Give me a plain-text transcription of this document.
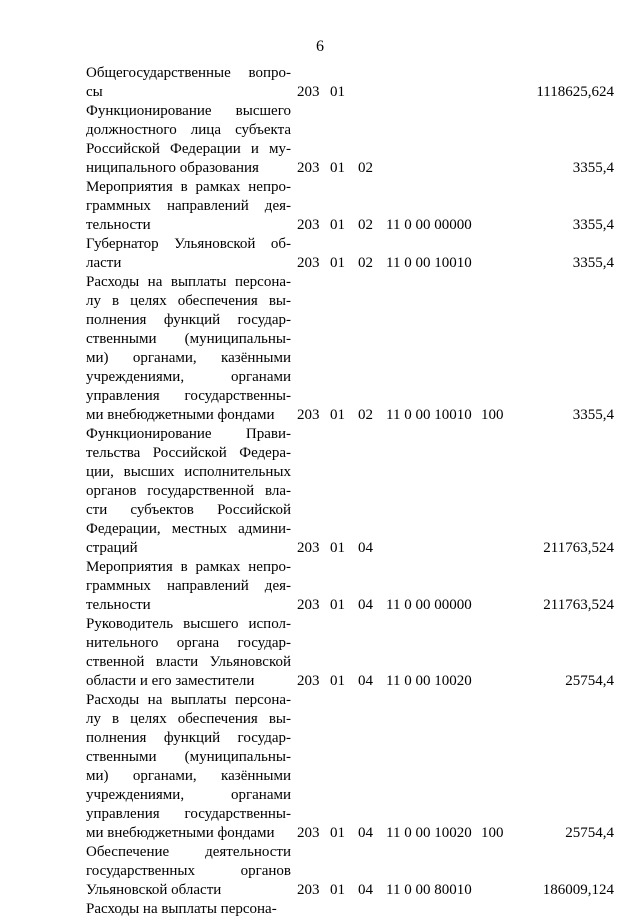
6
Общегосударственные вопро-
сы	203 01	1118625,624
Функционирование высшего
должностного лица субъекта
Российской Федерации и му-
ниципального образования	203 01 02	3355,4
Мероприятия в рамках непро-
граммных направлений дея-
тельности	203 01 02 11 0 00 00000	3355,4
Губернатор Ульяновской об-
ласти	203 01 02 11 0 00 10010	3355,4
Расходы на выплаты персона-
лу в целях обеспечения вы-
полнения функций государ-
ственными (муниципальны-
ми) органами, казёнными
учреждениями, органами
управления государственны-
ми внебюджетными фондами	203 01 02 11 0 00 10010 100	3355,4
Функционирование Прави-
тельства Российской Федера-
ции, высших исполнительных
органов государственной вла-
сти субъектов Российской
Федерации, местных админи-
страций	203 01 04	211763,524
Мероприятия в рамках непро-
граммных направлений дея-
тельности	203 01 04 11 0 00 00000	211763,524
Руководитель высшего испол-
нительного органа государ-
ственной власти Ульяновской
области и его заместители	203 01 04 11 0 00 10020	25754,4
Расходы на выплаты персона-
лу в целях обеспечения вы-
полнения функций государ-
ственными (муниципальны-
ми) органами, казёнными
учреждениями, органами
управления государственны-
ми внебюджетными фондами	203 01 04 11 0 00 10020 100	25754,4
Обеспечение деятельности
государственных органов
Ульяновской области	203 01 04 11 0 00 80010	186009,124
Расходы на выплаты персона-
